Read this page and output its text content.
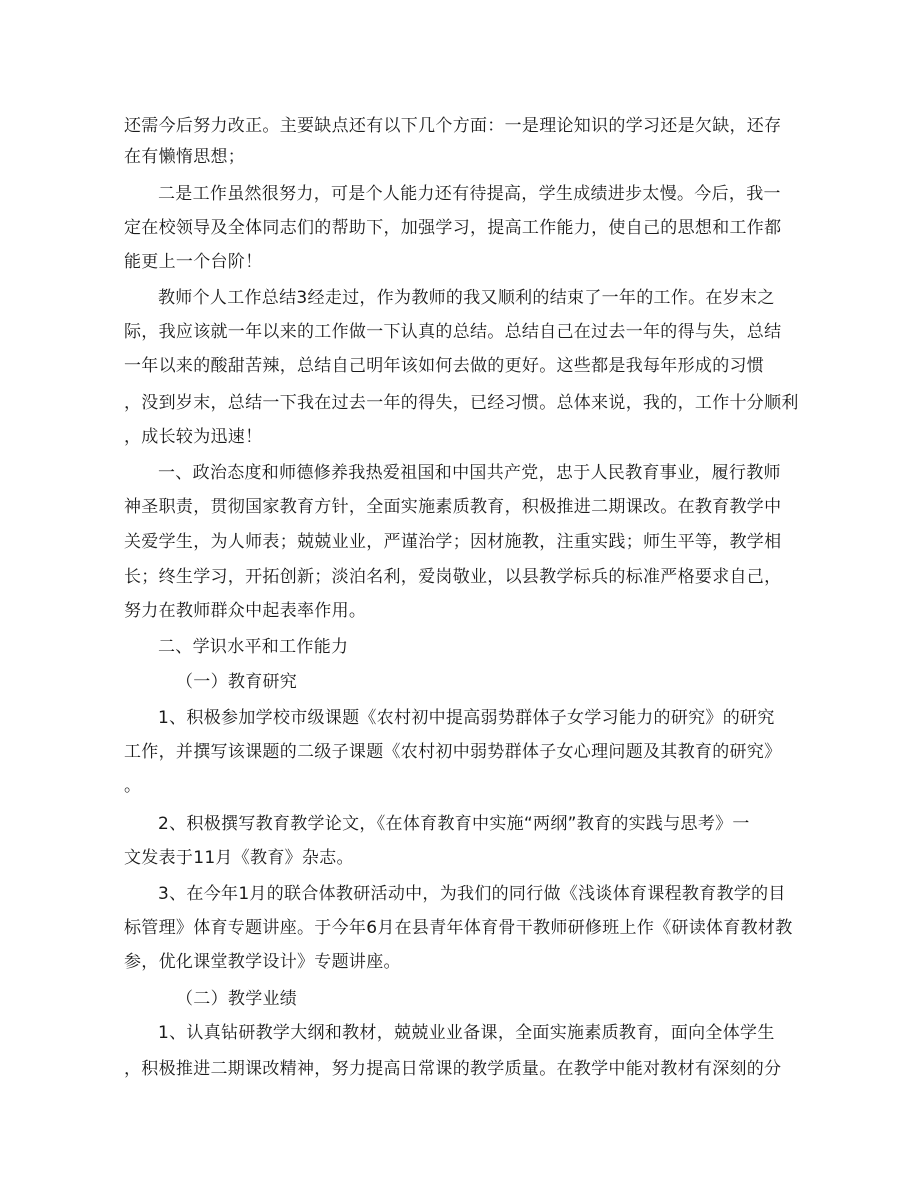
还需今后努力改正。主要缺点还有以下几个方面：一是理论知识的学习还是欠缺，还存
在有懒惰思想；
二是工作虽然很努力，可是个人能力还有待提高，学生成绩进步太慢。今后，我一
定在校领导及全体同志们的帮助下，加强学习，提高工作能力，使自己的思想和工作都
能更上一个台阶！
教师个人工作总结3经走过，作为教师的我又顺利的结束了一年的工作。在岁末之
际，我应该就一年以来的工作做一下认真的总结。总结自己在过去一年的得与失，总结
一年以来的酸甜苦辣，总结自己明年该如何去做的更好。这些都是我每年形成的习惯
，没到岁末，总结一下我在过去一年的得失，已经习惯。总体来说，我的，工作十分顺利
，成长较为迅速！
一、政治态度和师德修养我热爱祖国和中国共产党，忠于人民教育事业，履行教师
神圣职责，贯彻国家教育方针，全面实施素质教育，积极推进二期课改。在教育教学中
关爱学生，为人师表；兢兢业业，严谨治学；因材施教，注重实践；师生平等，教学相
长；终生学习，开拓创新；淡泊名利，爱岗敬业，以县教学标兵的标准严格要求自己，
努力在教师群众中起表率作用。
二、学识水平和工作能力
（一）教育研究
1、积极参加学校市级课题《农村初中提高弱势群体子女学习能力的研究》的研究
工作，并撰写该课题的二级子课题《农村初中弱势群体子女心理问题及其教育的研究》
。
2、积极撰写教育教学论文，《在体育教育中实施“两纲”教育的实践与思考》一
文发表于11月《教育》杂志。
3、在今年1月的联合体教研活动中，为我们的同行做《浅谈体育课程教育教学的目
标管理》体育专题讲座。于今年6月在县青年体育骨干教师研修班上作《研读体育教材教
参，优化课堂教学设计》专题讲座。
（二）教学业绩
1、认真钻研教学大纲和教材，兢兢业业备课，全面实施素质教育，面向全体学生
，积极推进二期课改精神，努力提高日常课的教学质量。在教学中能对教材有深刻的分
